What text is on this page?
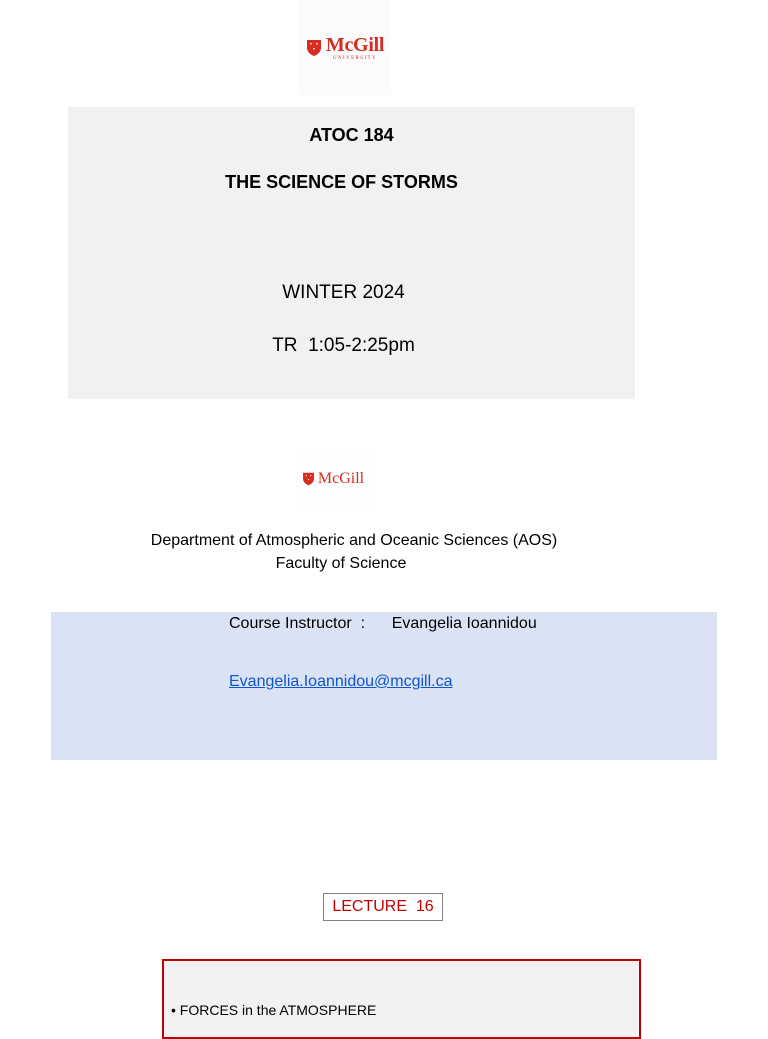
McGill
UNIVERSITY
ATOC 184
THE SCIENCE OF STORMS
WINTER 2024
TR  1:05-2:25pm
McGill
Department of Atmospheric and Oceanic Sciences (AOS)
Faculty of Science
Course Instructor  :      Evangelia Ioannidou
Evangelia.Ioannidou@mcgill.ca
LECTURE  16
• FORCES in the ATMOSPHERE
